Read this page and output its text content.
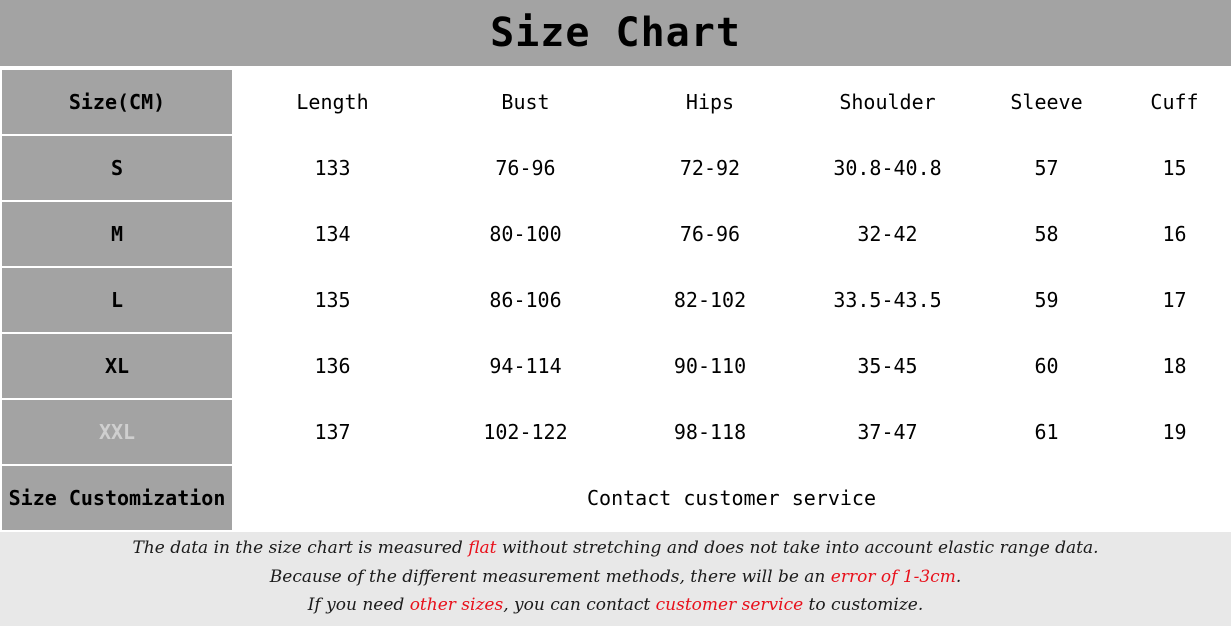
Size Chart
Size(CM)	Length	Bust	Hips	Shoulder	Sleeve	Cuff
S	133	76-96	72-92	30.8-40.8	57	15
M	134	80-100	76-96	32-42	58	16
L	135	86-106	82-102	33.5-43.5	59	17
XL	136	94-114	90-110	35-45	60	18
XXL	137	102-122	98-118	37-47	61	19
Size Customization	Contact customer service					

The data in the size chart is measured flat without stretching and does not take into account elastic range data.

Because of the different measurement methods, there will be an error of 1-3cm.

If you need other sizes, you can contact customer service to customize.
